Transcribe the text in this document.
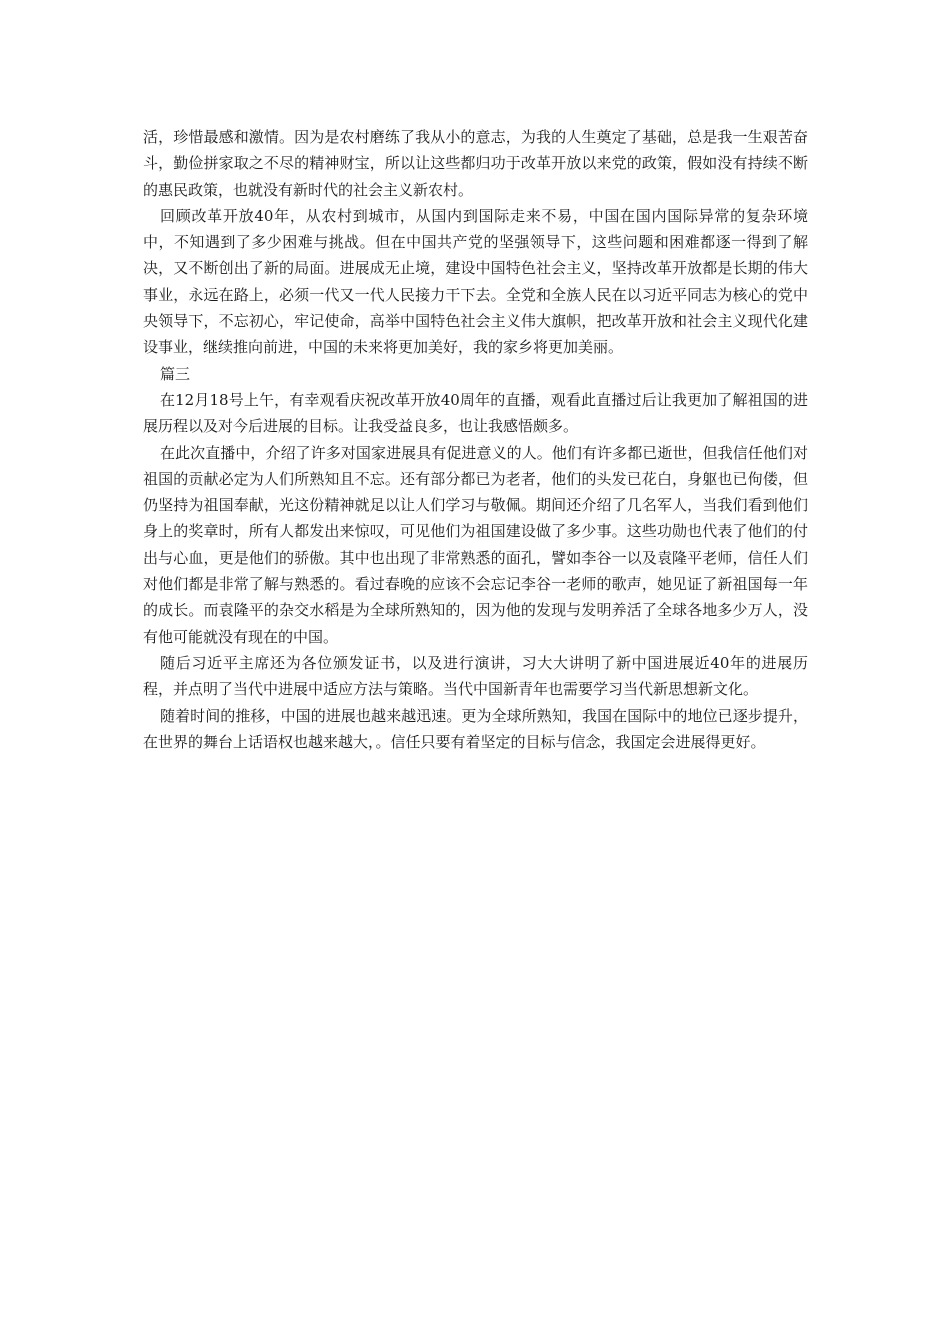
活，珍惜最感和激情。因为是农村磨练了我从小的意志，为我的人生奠定了基础，总是我一生艰苦奋斗，勤俭拼家取之不尽的精神财宝，所以让这些都归功于改革开放以来党的政策，假如没有持续不断的惠民政策，也就没有新时代的社会主义新农村。

回顾改革开放40年，从农村到城市，从国内到国际走来不易，中国在国内国际异常的复杂环境中，不知遇到了多少困难与挑战。但在中国共产党的坚强领导下，这些问题和困难都逐一得到了解决，又不断创出了新的局面。进展成无止境，建设中国特色社会主义，坚持改革开放都是长期的伟大事业，永远在路上，必须一代又一代人民接力干下去。全党和全族人民在以习近平同志为核心的党中央领导下，不忘初心，牢记使命，高举中国特色社会主义伟大旗帜，把改革开放和社会主义现代化建设事业，继续推向前进，中国的未来将更加美好，我的家乡将更加美丽。

篇三

在12月18号上午，有幸观看庆祝改革开放40周年的直播，观看此直播过后让我更加了解祖国的进展历程以及对今后进展的目标。让我受益良多，也让我感悟颇多。

在此次直播中，介绍了许多对国家进展具有促进意义的人。他们有许多都已逝世，但我信任他们对祖国的贡献必定为人们所熟知且不忘。还有部分都已为老者，他们的头发已花白，身躯也已佝偻，但仍坚持为祖国奉献，光这份精神就足以让人们学习与敬佩。期间还介绍了几名军人，当我们看到他们身上的奖章时，所有人都发出来惊叹，可见他们为祖国建设做了多少事。这些功勋也代表了他们的付出与心血，更是他们的骄傲。其中也出现了非常熟悉的面孔，譬如李谷一以及袁隆平老师，信任人们对他们都是非常了解与熟悉的。看过春晚的应该不会忘记李谷一老师的歌声，她见证了新祖国每一年的成长。而袁隆平的杂交水稻是为全球所熟知的，因为他的发现与发明养活了全球各地多少万人，没有他可能就没有现在的中国。

随后习近平主席还为各位颁发证书，以及进行演讲，习大大讲明了新中国进展近40年的进展历程，并点明了当代中进展中适应方法与策略。当代中国新青年也需要学习当代新思想新文化。

随着时间的推移，中国的进展也越来越迅速。更为全球所熟知，我国在国际中的地位已逐步提升，在世界的舞台上话语权也越来越大，。信任只要有着坚定的目标与信念，我国定会进展得更好。
